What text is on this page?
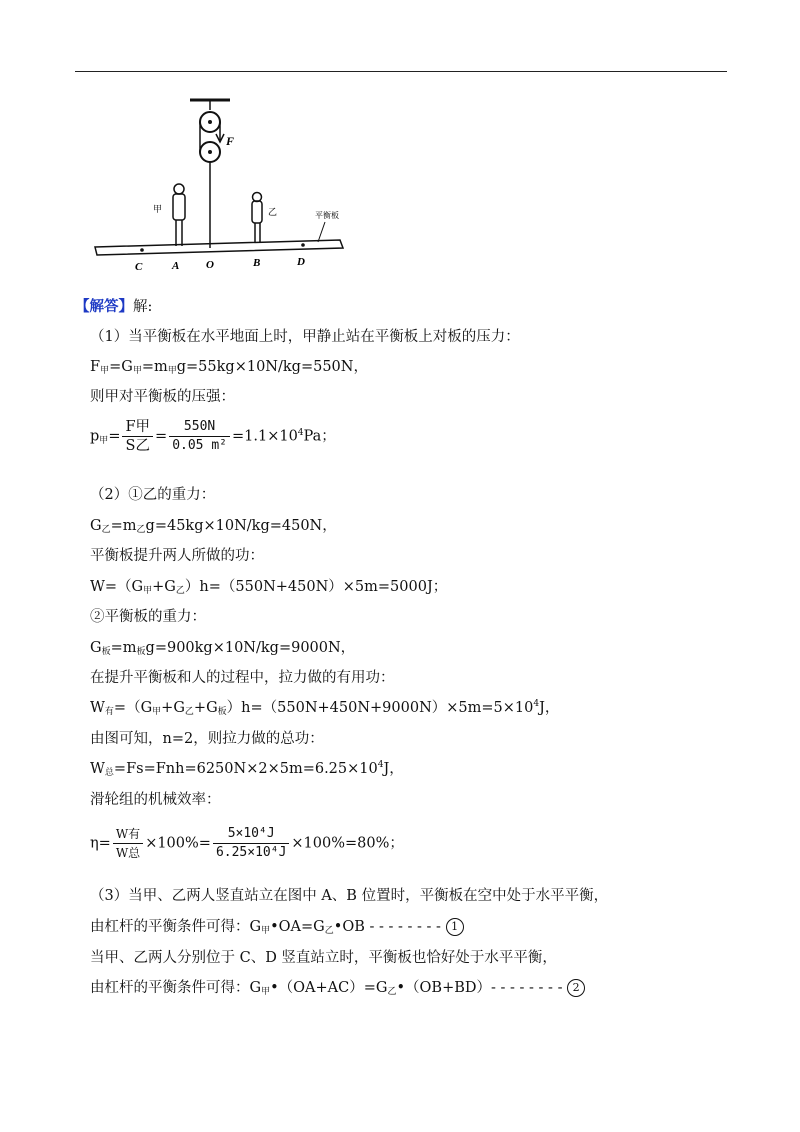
F
甲	乙	平衡板
C	A O	B	D
【解答】解:
（1）当平衡板在水平地面上时，甲静止站在平衡板上对板的压力：
F甲=G甲=m甲g=55kg×10N/kg=550N，
则甲对平衡板的压强：
p甲= $\frac{\text{F甲}}{\text{S乙}} = \frac{550N}{\text{0.05 m²}} =1.1\times 10^4Pa$；
（2）①乙的重力：
G乙=m乙g=45kg×10N/kg=450N，
平衡板提升两人所做的功：
W=（G甲+G乙）h=（550N+450N）×5m=5000J；
②平衡板的重力：
G板=m板g=900kg×10N/kg=9000N，
在提升平衡板和人的过程中，拉力做的有用功：
W有=（G甲+G乙+G板）$h=(550N+450N+9000N)\times 5m=5\times 10^4J$，
由图可知，n=2，则拉力做的总功：
W总$=Fs=Fnh=6250N\times 2\times 5m=6.25\times 10^4J$，
滑轮组的机械效率：
$\eta= \frac{\text{W有}}{\text{W总}} \times 100\%= \frac{\text{5×10⁴J}}{\text{6.25×10⁴J}} \times 100\%=80\%$；
（3）当甲、乙两人竖直站立在图中 A、B 位置时，平衡板在空中处于水平平衡，
由杠杆的平衡条件可得：G甲•OA=G乙•OB - - - - - - - - 1
当甲、乙两人分别位于 C、D 竖直站立时，平衡板也恰好处于水平平衡，
由杠杆的平衡条件可得：G甲•（OA+AC）=G乙•（OB+BD）- - - - - - - - 2
